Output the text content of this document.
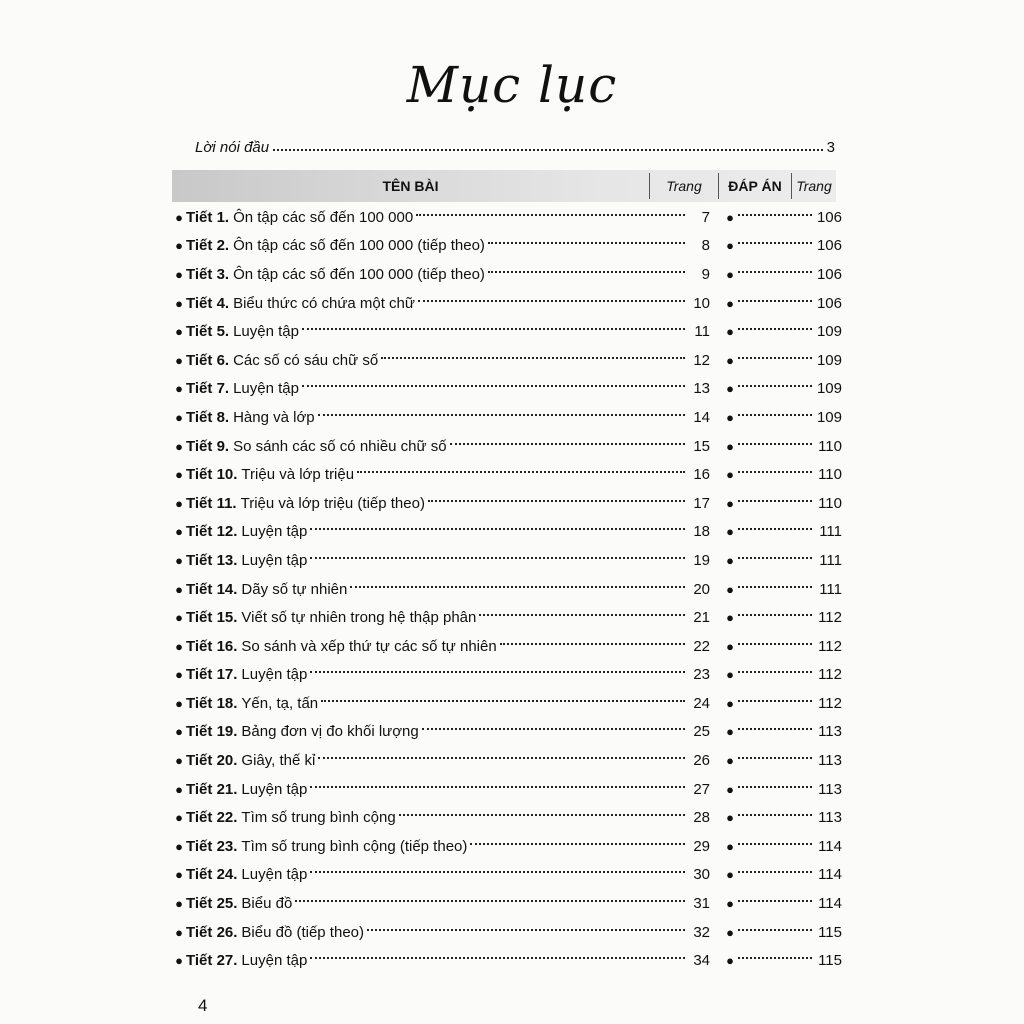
Mục lục
Lời nói đầu	3
TÊN BÀI	Trang	ĐÁP ÁN	Trang
● Tiết 1 . Ôn tập các số đến 100 000	7 ●	106
● Tiết 2 . Ôn tập các số đến 100 000 (tiếp theo)	8 ●	106
● Tiết 3 . Ôn tập các số đến 100 000 (tiếp theo)	9 ●	106
● Tiết 4 . Biểu thức có chứa một chữ	10 ●	106
● Tiết 5 . Luyện tập	11 ●	109
● Tiết 6 . Các số có sáu chữ số	12 ●	109
● Tiết 7 . Luyện tập	13 ●	109
● Tiết 8 . Hàng và lớp	14 ●	109
● Tiết 9 . So sánh các số có nhiều chữ số	15 ●	110
● Tiết 10 . Triệu và lớp triệu	16 ●	110
● Tiết 11 . Triệu và lớp triệu (tiếp theo)	17 ●	110
● Tiết 12 . Luyện tập	18 ●	111
● Tiết 13 . Luyện tập	19 ●	111
● Tiết 14 . Dãy số tự nhiên	20 ●	111
● Tiết 15 . Viết số tự nhiên trong hệ thập phân	21 ●	112
● Tiết 16 . So sánh và xếp thứ tự các số tự nhiên	22 ●	112
● Tiết 17 . Luyện tập	23 ●	112
● Tiết 18 . Yến, tạ, tấn	24 ●	112
● Tiết 19 . Bảng đơn vị đo khối lượng	25 ●	113
● Tiết 20 . Giây, thế kỉ	26 ●	113
● Tiết 21 . Luyện tập	27 ●	113
● Tiết 22 . Tìm số trung bình cộng	28 ●	113
● Tiết 23 . Tìm số trung bình cộng (tiếp theo)	29 ●	114
● Tiết 24 . Luyện tập	30 ●	114
● Tiết 25 . Biểu đồ	31 ●	114
● Tiết 26 . Biểu đồ (tiếp theo)	32 ●	115
● Tiết 27 . Luyện tập	34 ●	115
4
